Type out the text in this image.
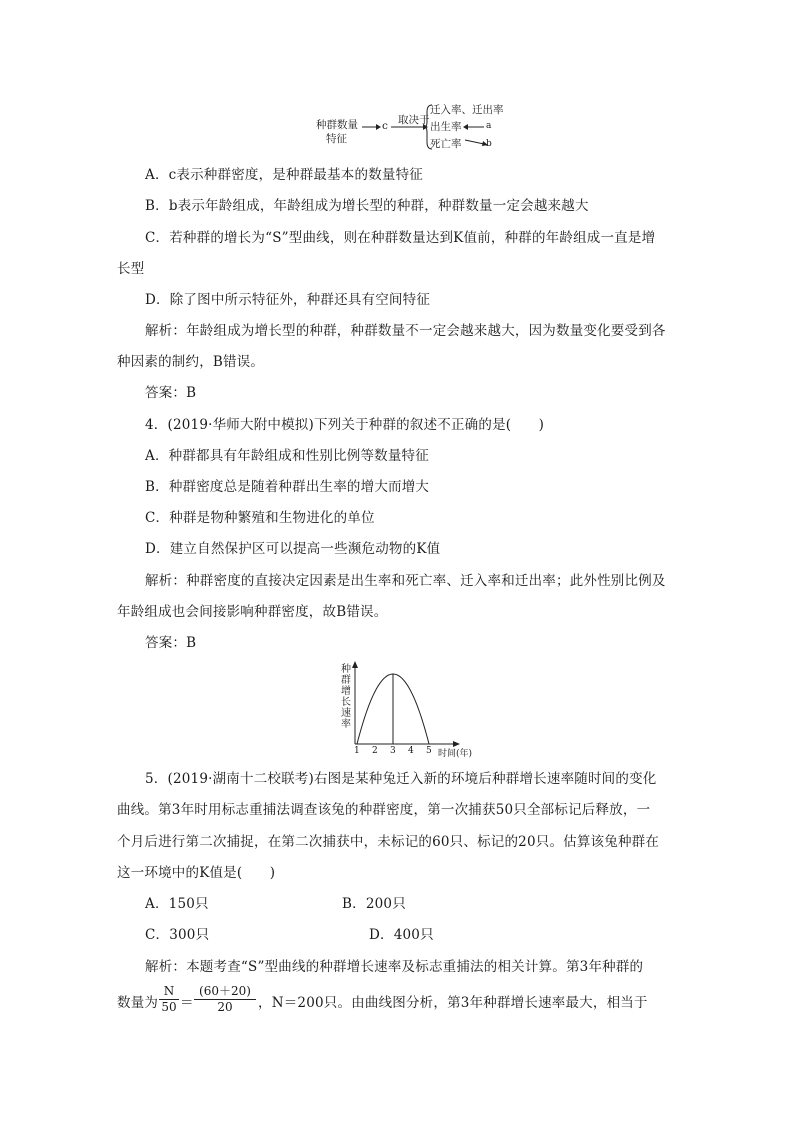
种群数量
特征
c 取决于
迁入率、迁出率
出生率
死亡率
a
b
A．c表示种群密度，是种群最基本的数量特征
B．b表示年龄组成，年龄组成为增长型的种群，种群数量一定会越来越大
C．若种群的增长为“S”型曲线，则在种群数量达到K值前，种群的年龄组成一直是增
长型
D．除了图中所示特征外，种群还具有空间特征
解析：年龄组成为增长型的种群，种群数量不一定会越来越大，因为数量变化要受到各
种因素的制约，B错误。
答案：B
4．(2019·华师大附中模拟)下列关于种群的叙述不正确的是(　　)
A．种群都具有年龄组成和性别比例等数量特征
B．种群密度总是随着种群出生率的增大而增大
C．种群是物种繁殖和生物进化的单位
D．建立自然保护区可以提高一些濒危动物的K值
解析：种群密度的直接决定因素是出生率和死亡率、迁入率和迁出率；此外性别比例及
年龄组成也会间接影响种群密度，故B错误。
答案：B
种群增长速率
1 2 3 4 5 时间(年)
5．(2019·湖南十二校联考)右图是某种兔迁入新的环境后种群增长速率随时间的变化
曲线。第3年时用标志重捕法调查该兔的种群密度，第一次捕获50只全部标记后释放，一
个月后进行第二次捕捉，在第二次捕获中，未标记的60只、标记的20只。估算该兔种群在
这一环境中的K值是(　　)
A．150只	B．200只
C．300只	D．400只
解析：本题考查“S”型曲线的种群增长速率及标志重捕法的相关计算。第3年种群的
数量为 $\frac{N}{50} = \frac{(60+20)}{20}$ ，N＝200只。由曲线图分析，第3年种群增长速率最大，相当于
